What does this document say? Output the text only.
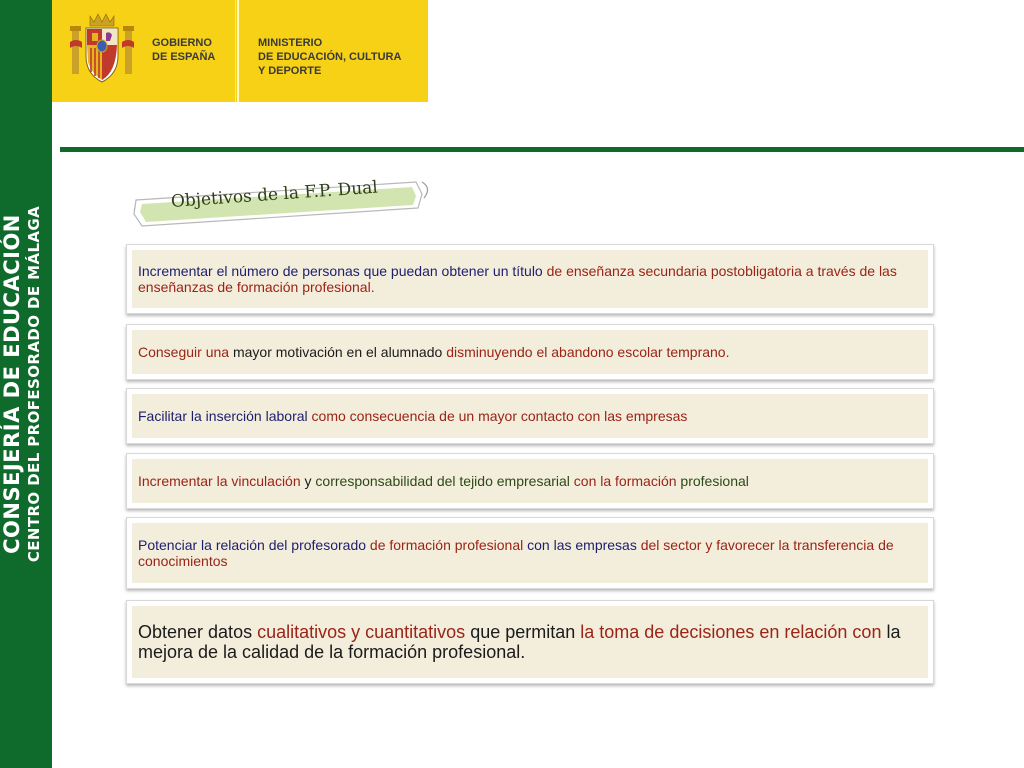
CONSEJERÍA DE EDUCACIÓN CENTRO DEL PROFESORADO DE MÁLAGA
GOBIERNO
DE ESPAÑA
MINISTERIO
DE EDUCACIÓN, CULTURA
Y DEPORTE
Objetivos de la F.P. Dual
Incrementar el número de personas que puedan obtener un título de enseñanza secundaria postobligatoria a través de las enseñanzas de formación profesional.
Conseguir una mayor motivación en el alumnado disminuyendo el abandono escolar temprano.
Facilitar la inserción laboral como consecuencia de un mayor contacto con las empresas
Incrementar la vinculación y corresponsabilidad del tejido empresarial con la formación profesional
Potenciar la relación del profesorado de formación profesional con las empresas del sector y favorecer la transferencia de conocimientos
Obtener datos cualitativos y cuantitativos que permitan la toma de decisiones en relación con la mejora de la calidad de la formación profesional.
